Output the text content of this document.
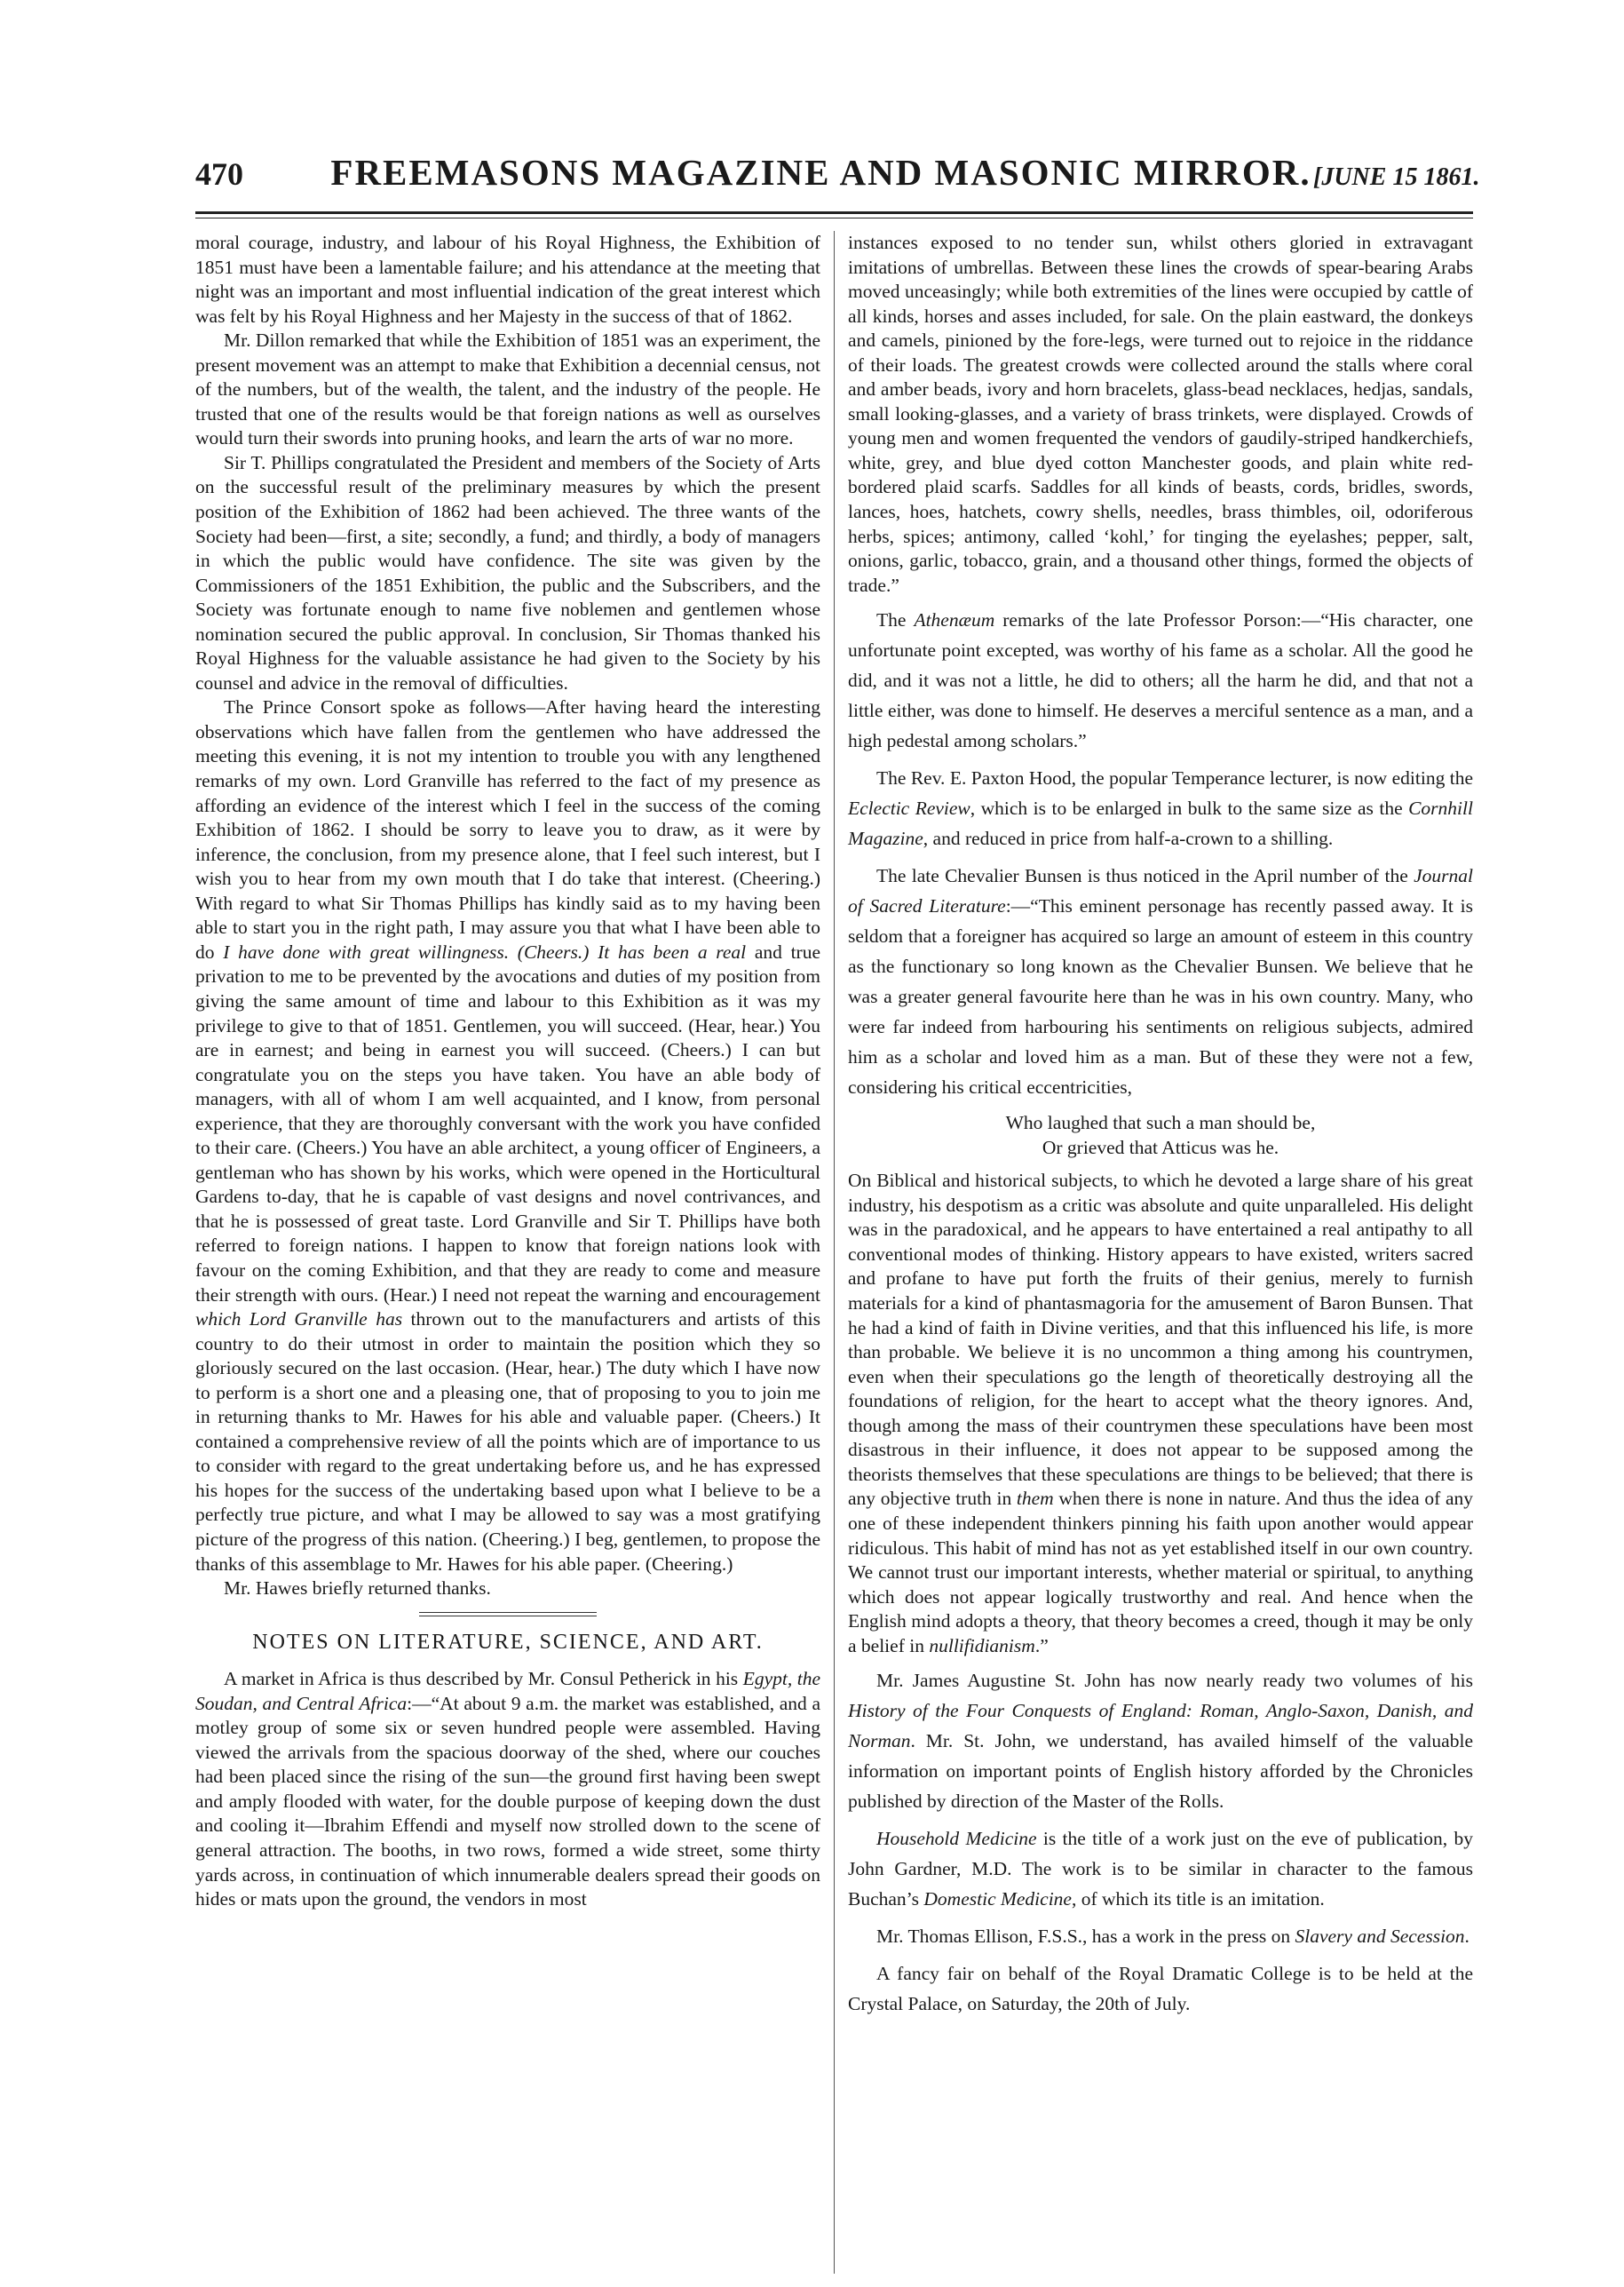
470	FREEMASONS MAGAZINE AND MASONIC MIRROR. [JUNE 15 1861.

moral courage, industry, and labour of his Royal Highness, the Exhibition of 1851 must have been a lamentable failure; and his attendance at the meeting that night was an important and most influential indication of the great interest which was felt by his Royal Highness and her Majesty in the success of that of 1862.

Mr. Dillon remarked that while the Exhibition of 1851 was an experiment, the present movement was an attempt to make that Exhibition a decennial census, not of the numbers, but of the wealth, the talent, and the industry of the people. He trusted that one of the results would be that foreign nations as well as ourselves would turn their swords into pruning hooks, and learn the arts of war no more.

Sir T. Phillips congratulated the President and members of the Society of Arts on the successful result of the preliminary measures by which the present position of the Exhibition of 1862 had been achieved. The three wants of the Society had been—first, a site; secondly, a fund; and thirdly, a body of managers in which the public would have confidence. The site was given by the Commissioners of the 1851 Exhibition, the public and the Subscribers, and the Society was fortunate enough to name five noblemen and gentlemen whose nomination secured the public approval. In conclusion, Sir Thomas thanked his Royal Highness for the valuable assistance he had given to the Society by his counsel and advice in the removal of difficulties.

The Prince Consort spoke as follows—After having heard the interesting observations which have fallen from the gentlemen who have addressed the meeting this evening, it is not my intention to trouble you with any lengthened remarks of my own. Lord Granville has referred to the fact of my presence as affording an evidence of the interest which I feel in the success of the coming Exhibition of 1862. I should be sorry to leave you to draw, as it were by inference, the conclusion, from my presence alone, that I feel such interest, but I wish you to hear from my own mouth that I do take that interest. (Cheering.) With regard to what Sir Thomas Phillips has kindly said as to my having been able to start you in the right path, I may assure you that what I have been able to do I have done with great willingness. (Cheers.) It has been a real and true privation to me to be prevented by the avocations and duties of my position from giving the same amount of time and labour to this Exhibition as it was my privilege to give to that of 1851. Gentlemen, you will succeed. (Hear, hear.) You are in earnest; and being in earnest you will succeed. (Cheers.) I can but congratulate you on the steps you have taken. You have an able body of managers, with all of whom I am well acquainted, and I know, from personal experience, that they are thoroughly conversant with the work you have confided to their care. (Cheers.) You have an able architect, a young officer of Engineers, a gentleman who has shown by his works, which were opened in the Horticultural Gardens to-day, that he is capable of vast designs and novel contrivances, and that he is possessed of great taste. Lord Granville and Sir T. Phillips have both referred to foreign nations. I happen to know that foreign nations look with favour on the coming Exhibition, and that they are ready to come and measure their strength with ours. (Hear.) I need not repeat the warning and encouragement which Lord Granville has thrown out to the manufacturers and artists of this country to do their utmost in order to maintain the position which they so gloriously secured on the last occasion. (Hear, hear.) The duty which I have now to perform is a short one and a pleasing one, that of proposing to you to join me in returning thanks to Mr. Hawes for his able and valuable paper. (Cheers.) It contained a comprehensive review of all the points which are of importance to us to consider with regard to the great undertaking before us, and he has expressed his hopes for the success of the undertaking based upon what I believe to be a perfectly true picture, and what I may be allowed to say was a most gratifying picture of the progress of this nation. (Cheering.) I beg, gentlemen, to propose the thanks of this assemblage to Mr. Hawes for his able paper. (Cheering.)

Mr. Hawes briefly returned thanks.

NOTES ON LITERATURE, SCIENCE, AND ART.

A market in Africa is thus described by Mr. Consul Petherick in his Egypt, the Soudan, and Central Africa:—“At about 9 a.m. the market was established, and a motley group of some six or seven hundred people were assembled. Having viewed the arrivals from the spacious doorway of the shed, where our couches had been placed since the rising of the sun—the ground first having been swept and amply flooded with water, for the double purpose of keeping down the dust and cooling it—Ibrahim Effendi and myself now strolled down to the scene of general attraction. The booths, in two rows, formed a wide street, some thirty yards across, in continuation of which innumerable dealers spread their goods on hides or mats upon the ground, the vendors in most

instances exposed to no tender sun, whilst others gloried in extravagant imitations of umbrellas. Between these lines the crowds of spear-bearing Arabs moved unceasingly; while both extremities of the lines were occupied by cattle of all kinds, horses and asses included, for sale. On the plain eastward, the donkeys and camels, pinioned by the fore-legs, were turned out to rejoice in the riddance of their loads. The greatest crowds were collected around the stalls where coral and amber beads, ivory and horn bracelets, glass-bead necklaces, hedjas, sandals, small looking-glasses, and a variety of brass trinkets, were displayed. Crowds of young men and women frequented the vendors of gaudily-striped handkerchiefs, white, grey, and blue dyed cotton Manchester goods, and plain white red-bordered plaid scarfs. Saddles for all kinds of beasts, cords, bridles, swords, lances, hoes, hatchets, cowry shells, needles, brass thimbles, oil, odoriferous herbs, spices; antimony, called ‘kohl,’ for tinging the eyelashes; pepper, salt, onions, garlic, tobacco, grain, and a thousand other things, formed the objects of trade.”

The Athenæum remarks of the late Professor Porson:—“His character, one unfortunate point excepted, was worthy of his fame as a scholar. All the good he did, and it was not a little, he did to others; all the harm he did, and that not a little either, was done to himself. He deserves a merciful sentence as a man, and a high pedestal among scholars.”

The Rev. E. Paxton Hood, the popular Temperance lecturer, is now editing the Eclectic Review, which is to be enlarged in bulk to the same size as the Cornhill Magazine, and reduced in price from half-a-crown to a shilling.

The late Chevalier Bunsen is thus noticed in the April number of the Journal of Sacred Literature:—“This eminent personage has recently passed away. It is seldom that a foreigner has acquired so large an amount of esteem in this country as the functionary so long known as the Chevalier Bunsen. We believe that he was a greater general favourite here than he was in his own country. Many, who were far indeed from harbouring his sentiments on religious subjects, admired him as a scholar and loved him as a man. But of these they were not a few, considering his critical eccentricities,

Who laughed that such a man should be,
Or grieved that Atticus was he.

On Biblical and historical subjects, to which he devoted a large share of his great industry, his despotism as a critic was absolute and quite unparalleled. His delight was in the paradoxical, and he appears to have entertained a real antipathy to all conventional modes of thinking. History appears to have existed, writers sacred and profane to have put forth the fruits of their genius, merely to furnish materials for a kind of phantasmagoria for the amusement of Baron Bunsen. That he had a kind of faith in Divine verities, and that this influenced his life, is more than probable. We believe it is no uncommon a thing among his countrymen, even when their speculations go the length of theoretically destroying all the foundations of religion, for the heart to accept what the theory ignores. And, though among the mass of their countrymen these speculations have been most disastrous in their influence, it does not appear to be supposed among the theorists themselves that these speculations are things to be believed; that there is any objective truth in them when there is none in nature. And thus the idea of any one of these independent thinkers pinning his faith upon another would appear ridiculous. This habit of mind has not as yet established itself in our own country. We cannot trust our important interests, whether material or spiritual, to anything which does not appear logically trustworthy and real. And hence when the English mind adopts a theory, that theory becomes a creed, though it may be only a belief in nullifidianism.”

Mr. James Augustine St. John has now nearly ready two volumes of his History of the Four Conquests of England: Roman, Anglo-Saxon, Danish, and Norman. Mr. St. John, we understand, has availed himself of the valuable information on important points of English history afforded by the Chronicles published by direction of the Master of the Rolls.

Household Medicine is the title of a work just on the eve of publication, by John Gardner, M.D. The work is to be similar in character to the famous Buchan’s Domestic Medicine, of which its title is an imitation.

Mr. Thomas Ellison, F.S.S., has a work in the press on Slavery and Secession.

A fancy fair on behalf of the Royal Dramatic College is to be held at the Crystal Palace, on Saturday, the 20th of July.
